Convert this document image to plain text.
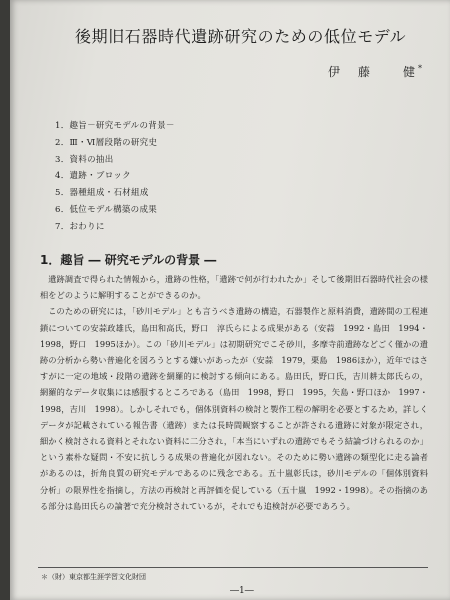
後期旧石器時代遺跡研究のための低位モデル
伊　藤　　健*
1．趣旨－研究モデルの背景－
2．Ⅲ・Ⅵ層段階の研究史
3．資料の抽出
4．遺跡・ブロック
5．器種組成・石材組成
6．低位モデル構築の成果
7．おわりに
1．趣旨 ― 研究モデルの背景 ―

遺跡調査で得られた情報から，遺跡の性格，「遺跡で何が行われたか」そして後期旧石器時代社会の様相をどのように解明することができるのか。

このための研究には，「砂川モデル」とも言うべき遺跡の構造，石器製作と原料消費，遺跡間の工程連鎖についての安蒜政雄氏，島田和高氏，野口　淳氏らによる成果がある（安蒜　1992・島田　1994・1998，野口　1995ほか）。この「砂川モデル」は初期研究でこそ砂川，多摩寺前遺跡などごく僅かの遺跡の分析から勢い普遍化を図ろうとする嫌いがあったが（安蒜　1979，栗島　1986ほか），近年ではさすがに一定の地域・段階の遺跡を網羅的に検討する傾向にある。島田氏，野口氏，吉川耕太郎氏らの，網羅的なデータ収集には感服するところである（島田　1998，野口　1995，矢島・野口ほか　1997・1998，吉川　1998）。しかしそれでも，個体別資料の検討と製作工程の解明を必要とするため，詳しくデータが記載されている報告書（遺跡）または長時間観察することが許される遺跡に対象が限定され，細かく検討される資料とそれない資料に二分され，「本当にいずれの遺跡でもそう結論づけられるのか」という素朴な疑問・不安に抗しうる成果の普遍化が図れない。そのために勢い遺跡の類型化に走る論者があるのは，折角良質の研究モデルであるのに残念である。五十嵐彰氏は，砂川モデルの「個体別資料分析」の限界性を指摘し，方法の再検討と再評価を促している（五十嵐　1992・1998）。その指摘のある部分は島田氏らの論著で充分検討されているが，それでも追検討が必要であろう。

＊（財）東京都生涯学習文化財団
―1―
